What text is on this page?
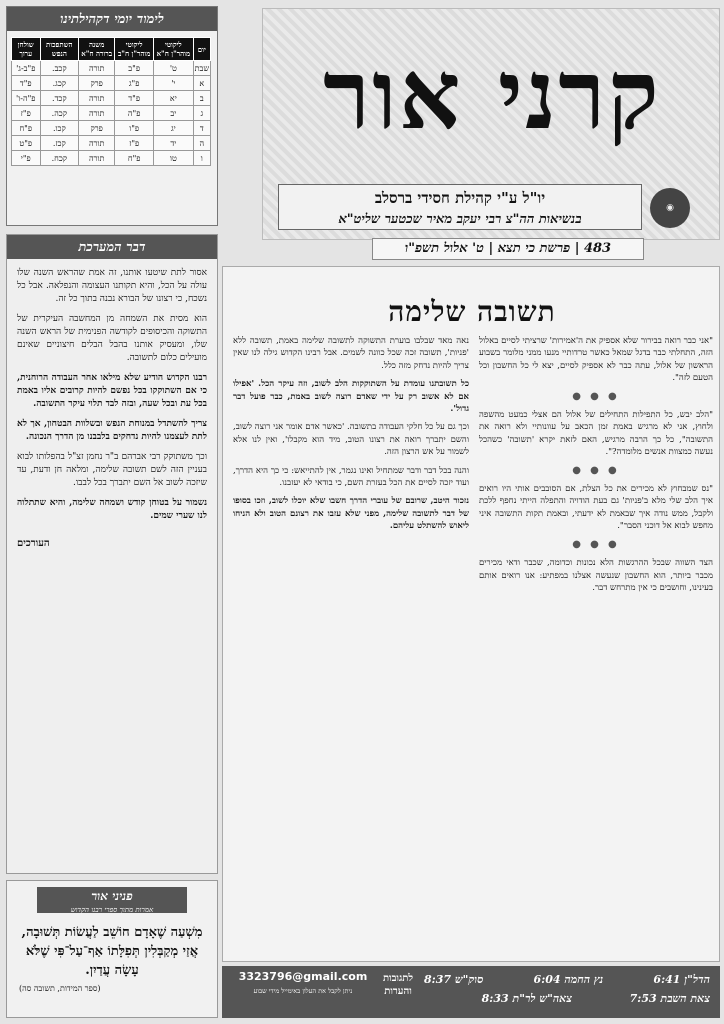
קרני אור
יו"ל ע"י קהילת חסידי ברסלב
בנשיאות הה"צ רבי יעקב מאיר שכטער שליט"א
◉
483 | פרשת כי תצא | ט' אלול תשפ"ו
לימוד יומי דקהילתינו
יום	ליקוטי מוהר"ן ח"א	ליקוטי מוהר"ן ח"ב	משנה ברורה ח"א	השתפכות הנפש	שולחן ערוך
שבת	ט'	פ"ב	תורה	קכב.	פ"ב-ג'
א	י'	פ"ג	פרק	קכג.	פ"ד
ב	יא	פ"ד	תורה	קכד.	פ"ה-ו'
ג	יב	פ"ה	תורה	קכה.	פ"ז
ד	יג	פ"ו	פרק	קכו.	פ"ח
ה	יד	פ"ז	תורה	קכז.	פ"ט
ו	טו	פ"ח	תורה	קכח.	פ"י
דבר המערכת

אסור לתת שיטעו אותנו, זה אמת שהראש השנה שלו עולה על הכל, והיא תקותנו העצומה והנפלאה. אבל כל נשכח, כי רצונו של הבורא נבנה בתוך כל זה.

הוא מסית את השמחה מן המחשבה העיקרית של התשוקה והכיסופים לקודשה הפנימית של הראש השנה שלו, ומעסיק אותנו בהבל הבלים חיצוניים שאינם מועילים כלום לתשובה.

רבנו הקדוש הודיע שלא מילאו אחר העבודה הרוחנית, כי אם השתוקקו בכל נפשם להיות קרובים אליו באמת בכל עת ובכל שעה, ובזה לבד תלוי עיקר התשובה.

צריך להשתדל במנוחת הנפש ובשלוות הבטחון, אך לא לתת לעצמנו להיות נדחקים בלבבנו מן הדרך הנכונה.

וכך משתוקק רבי אברהם ב"ר נחמן זצ"ל בהפלותו לבוא בעניין הזה לשם תשובה שלימה, ומלאה חן ודעת, עד שיזכה לשוב אל השם יתברך בכל לבבו.

נשמור על בטוחן קודש ושמחה שלימה, והיא שתתלוה לנו שערי שמים.

העורכים
פניני אור
אמרות מתוך ספרי רבנו הקדוש
מִשְׁעַה שֶׁאָדָם חוֹשֵׁב לַעֲשׂוֹת תְּשׁוּבָה, אֲזַי מְקַבְּלִין תְּפִלָּתוֹ אַף־עַל־פִּי שֶׁלֹּא עָשָׂה עֲדַיִן.
(ספר המידות, תשובה סה)
תשובה שלימה

"אני כבר רואה בבירור שלא אספיק את ה'אמירות' שרציתי לסיים באלול הזה, התחלתי כבר בדגל שמאל כאשר טרדותיי מנעו ממני מלומר בשבוע הראשון של אלול, עתה כבר לא אספיק לסיים, יצא לי כל החשבון וכל הטעם לזה".

● ● ●

"הלב יבש, כל התפילות התחילים של אלול הם אצלי כמעט מהשפה ולחוץ, אני לא מרגיש באמת זמן הכאב על עוונותיי ולא רואה את התשובה", כל כך הרבה מרגיש, האם לזאת יקרא 'תשובה' כשהכל נעשה כמצוות אנשים מלומדה?".

● ● ●

"נס שמבחוץ לא מכירים את כל הצלת, אם הסובבים אותי היו רואים איך הלב שלי מלא ב'פניות' גם בעת הודויה והתפלה הייתי נחפף ללכת ולקבל, ממש נודה איך שבאמת לא ידעתי, ובאמת תקות התשובה איני מחפש לבוא אל דוכני הסבר".

● ● ●

הצד השווה שבכל ההרגשות הלא נכונות וכדומה, שכבר ודאי מכירים מכבר ביותר, הוא החשבון שנעשה אצלנו במפתיע: אנו רואים אותם בעינינו, וחושבים כי אין מתרחש דבר.

נאה מאד שבלבו בוערת התשוקה לתשובה שלימה באמת, תשובה ללא 'פניות', תשובה זכה שכל כוונה לשמים. אבל רבינו הקדוש גילה לנו שאין צריך להיות נדחק מזה כלל.

כל תשובתנו עומדת על השתוקקות הלב לשוב, וזה עיקר הכל. 'אפילו אם לא אשוב רק על ידי שאדם רוצה לשוב באמת, כבר פועל דבר גדול'.

וכך גם על כל חלקי העבודה בתשובה. 'כאשר אדם אומר אני רוצה לשוב, והשם יתברך רואה את רצונו הטוב, מיד הוא מקבלו', ואין לנו אלא לשמור על אש הרצון הזה.

והנה בכל דבר ודבר שמתחיל ואינו נגמר, אין להתייאש: כי כך היא הדרך, ועוד יזכה לסיים את הכל בעזרת השם, כי בודאי לא יעזבנו.

נזכור היטב, שרובם של עוברי הדרך חשבו שלא יוכלו לשוב, וזכו בסופו של דבר לתשובה שלימה, מפני שלא עזבו את רצונם הטוב ולא הניחו ליאוש להשתלט עליהם.

הדל"ן 6:41
נץ החמה 6:04
סוק"ש 8:37
צאת השבת 7:53
צאה"ש לר"ת 8:33
לתגובות והערות
3323796@gmail.com
ניתן לקבל את העלון באימייל מידי שבוע
